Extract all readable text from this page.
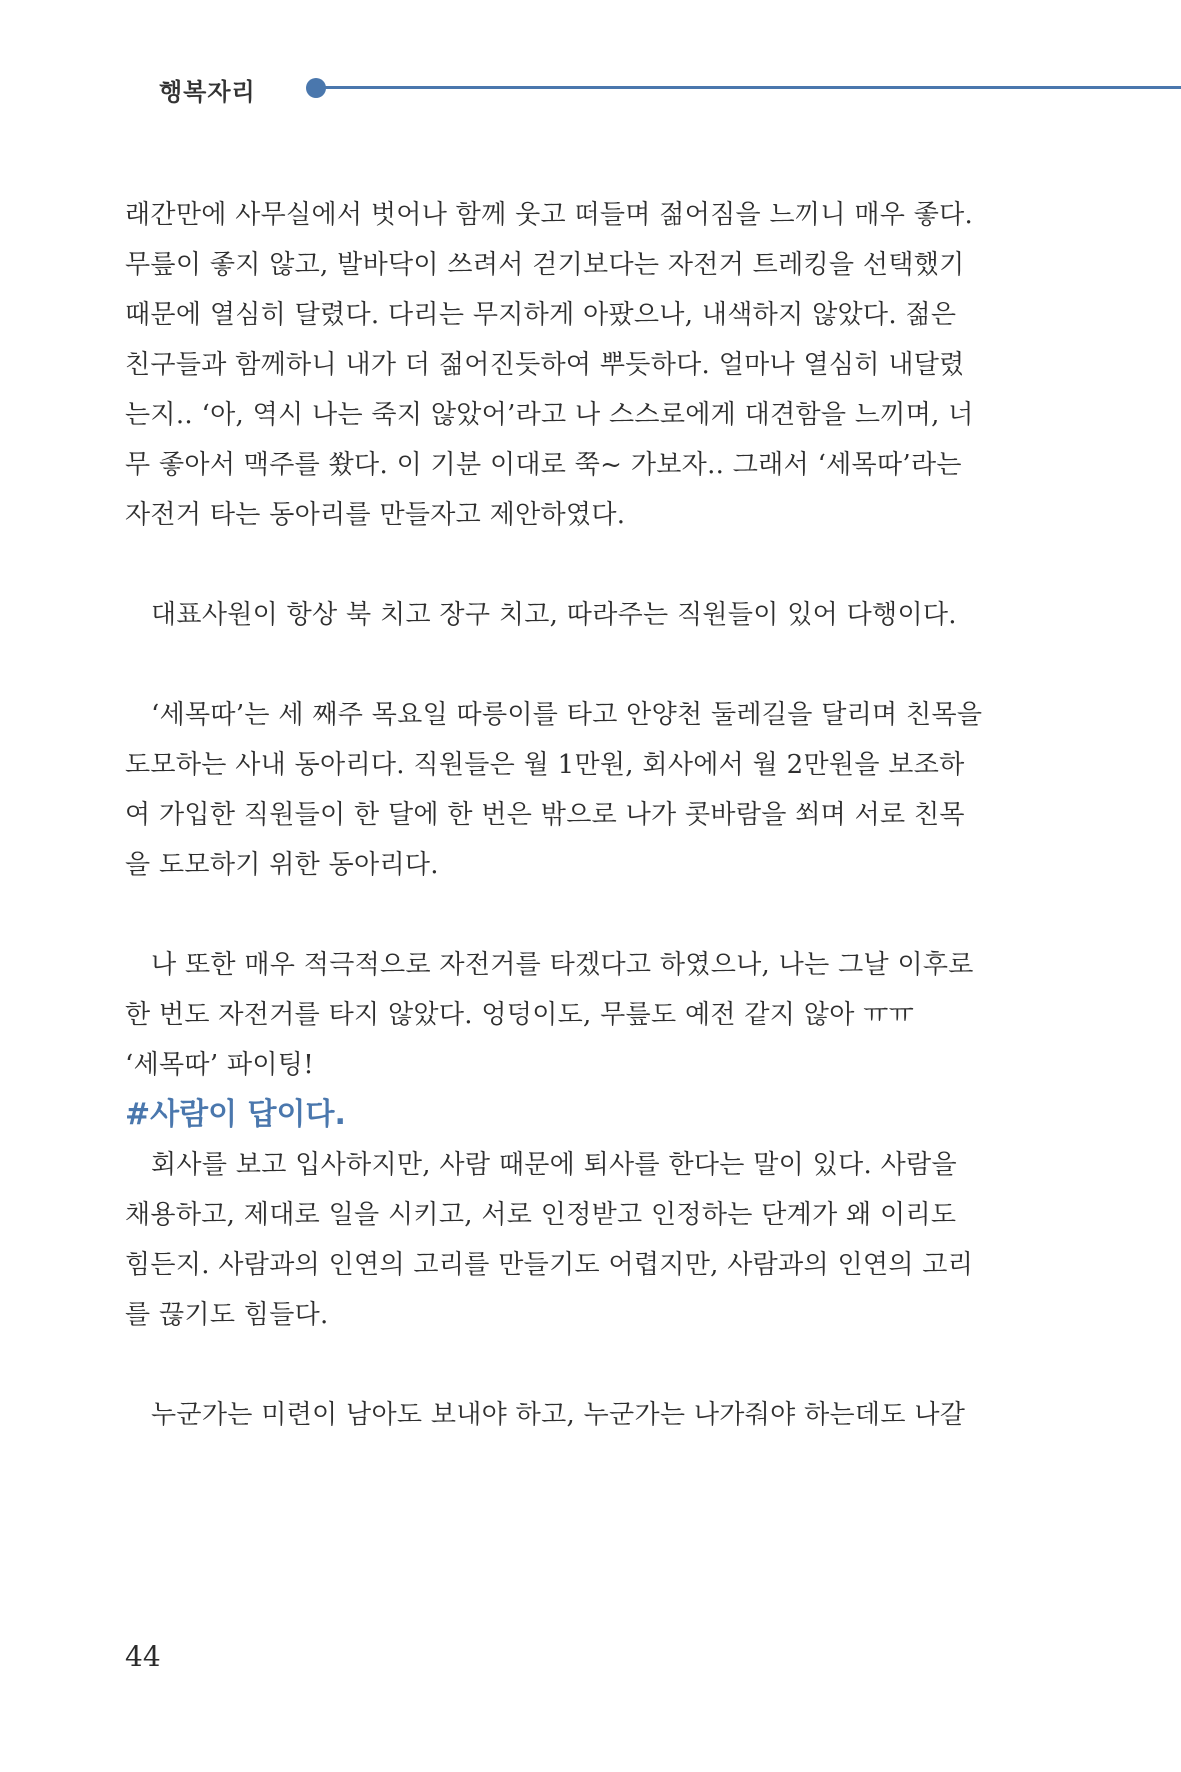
행복자리

래간만에 사무실에서 벗어나 함께 웃고 떠들며 젊어짐을 느끼니 매우 좋다.
무릎이 좋지 않고, 발바닥이 쓰려서 걷기보다는 자전거 트레킹을 선택했기
때문에 열심히 달렸다. 다리는 무지하게 아팠으나, 내색하지 않았다. 젊은
친구들과 함께하니 내가 더 젊어진듯하여 뿌듯하다. 얼마나 열심히 내달렸
는지.. ‘아, 역시 나는 죽지 않았어’라고 나 스스로에게 대견함을 느끼며, 너
무 좋아서 맥주를 쐈다. 이 기분 이대로 쭉~ 가보자.. 그래서 ‘세목따’라는
자전거 타는 동아리를 만들자고 제안하였다.

대표사원이 항상 북 치고 장구 치고, 따라주는 직원들이 있어 다행이다.

‘세목따’는 세 째주 목요일 따릉이를 타고 안양천 둘레길을 달리며 친목을
도모하는 사내 동아리다. 직원들은 월 1만원, 회사에서 월 2만원을 보조하
여 가입한 직원들이 한 달에 한 번은 밖으로 나가 콧바람을 쐬며 서로 친목
을 도모하기 위한 동아리다.

나 또한 매우 적극적으로 자전거를 타겠다고 하였으나, 나는 그날 이후로
한 번도 자전거를 타지 않았다. 엉덩이도, 무릎도 예전 같지 않아 ㅠㅠ
‘세목따’ 파이팅!

#사람이 답이다.

회사를 보고 입사하지만, 사람 때문에 퇴사를 한다는 말이 있다. 사람을
채용하고, 제대로 일을 시키고, 서로 인정받고 인정하는 단계가 왜 이리도
힘든지. 사람과의 인연의 고리를 만들기도 어렵지만, 사람과의 인연의 고리
를 끊기도 힘들다.

누군가는 미련이 남아도 보내야 하고, 누군가는 나가줘야 하는데도 나갈

44
